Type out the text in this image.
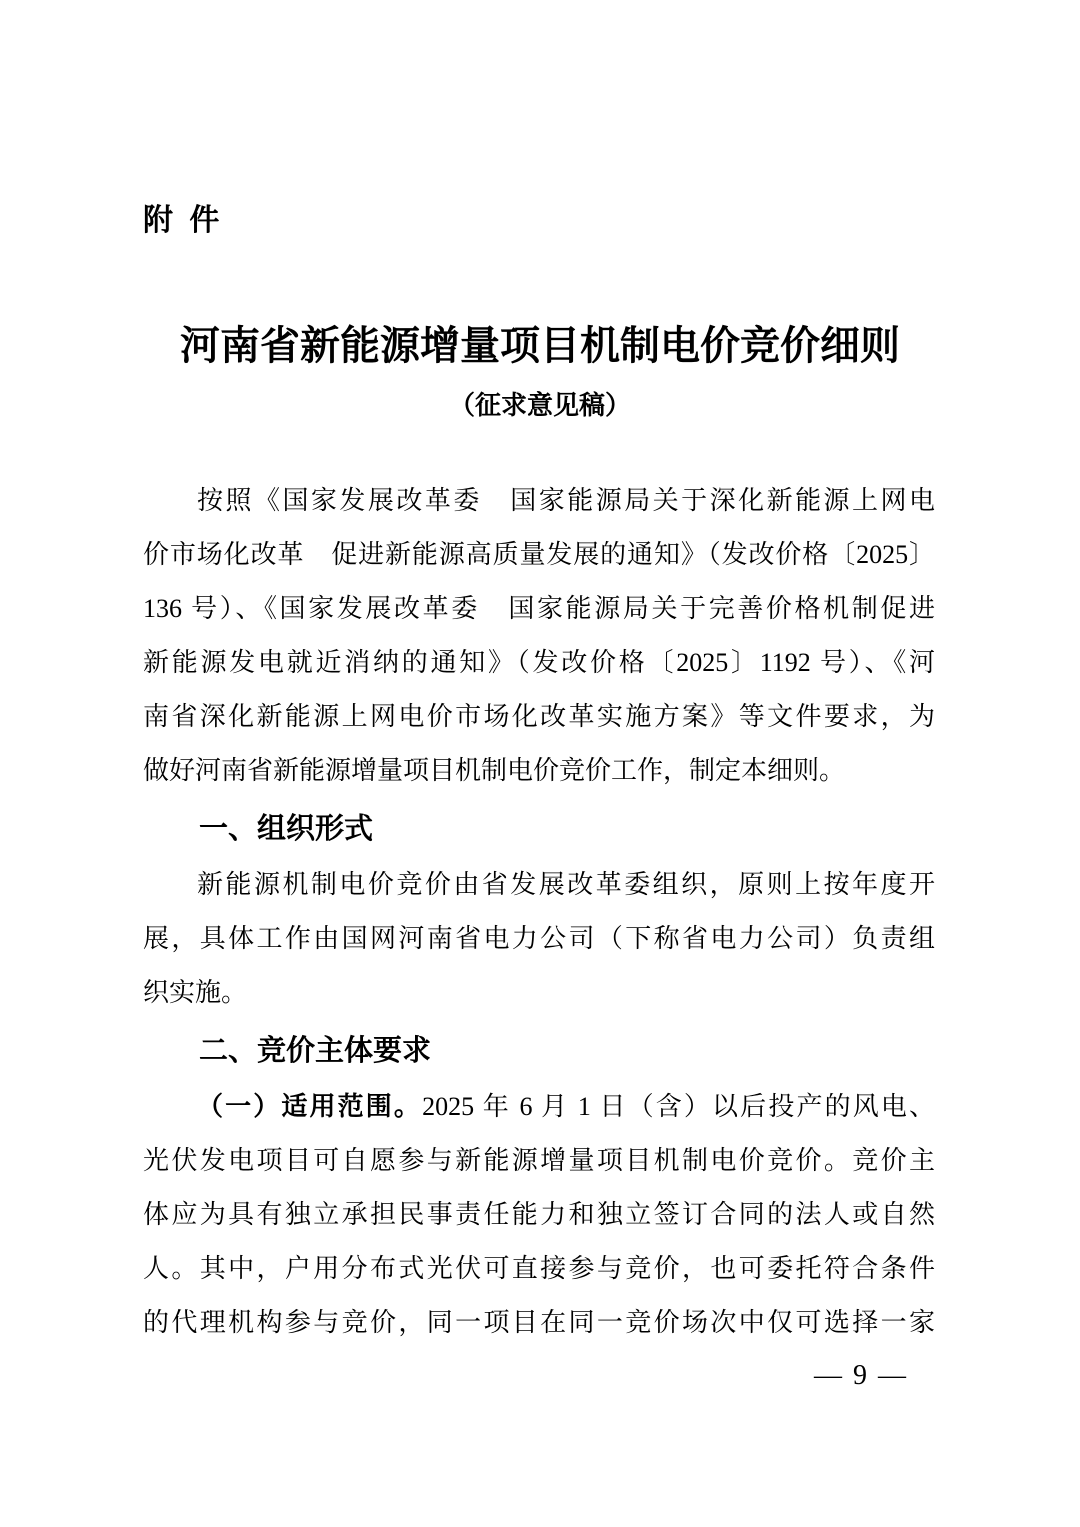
附 件
河南省新能源增量项目机制电价竞价细则
（征求意见稿）
按照《国家发展改革委　国家能源局关于深化新能源上网电
价市场化改革　促进新能源高质量发展的通知》（发改价格〔2025〕
136 号）、《国家发展改革委　国家能源局关于完善价格机制促进
新能源发电就近消纳的通知》（发改价格〔2025〕1192 号）、《河
南省深化新能源上网电价市场化改革实施方案》等文件要求，为
做好河南省新能源增量项目机制电价竞价工作，制定本细则。
一、组织形式
新能源机制电价竞价由省发展改革委组织，原则上按年度开
展，具体工作由国网河南省电力公司（下称省电力公司）负责组
织实施。
二、竞价主体要求
（一）适用范围。2025 年 6 月 1 日（含）以后投产的风电、
光伏发电项目可自愿参与新能源增量项目机制电价竞价。竞价主
体应为具有独立承担民事责任能力和独立签订合同的法人或自然
人。其中，户用分布式光伏可直接参与竞价，也可委托符合条件
的代理机构参与竞价，同一项目在同一竞价场次中仅可选择一家
— 9 —
